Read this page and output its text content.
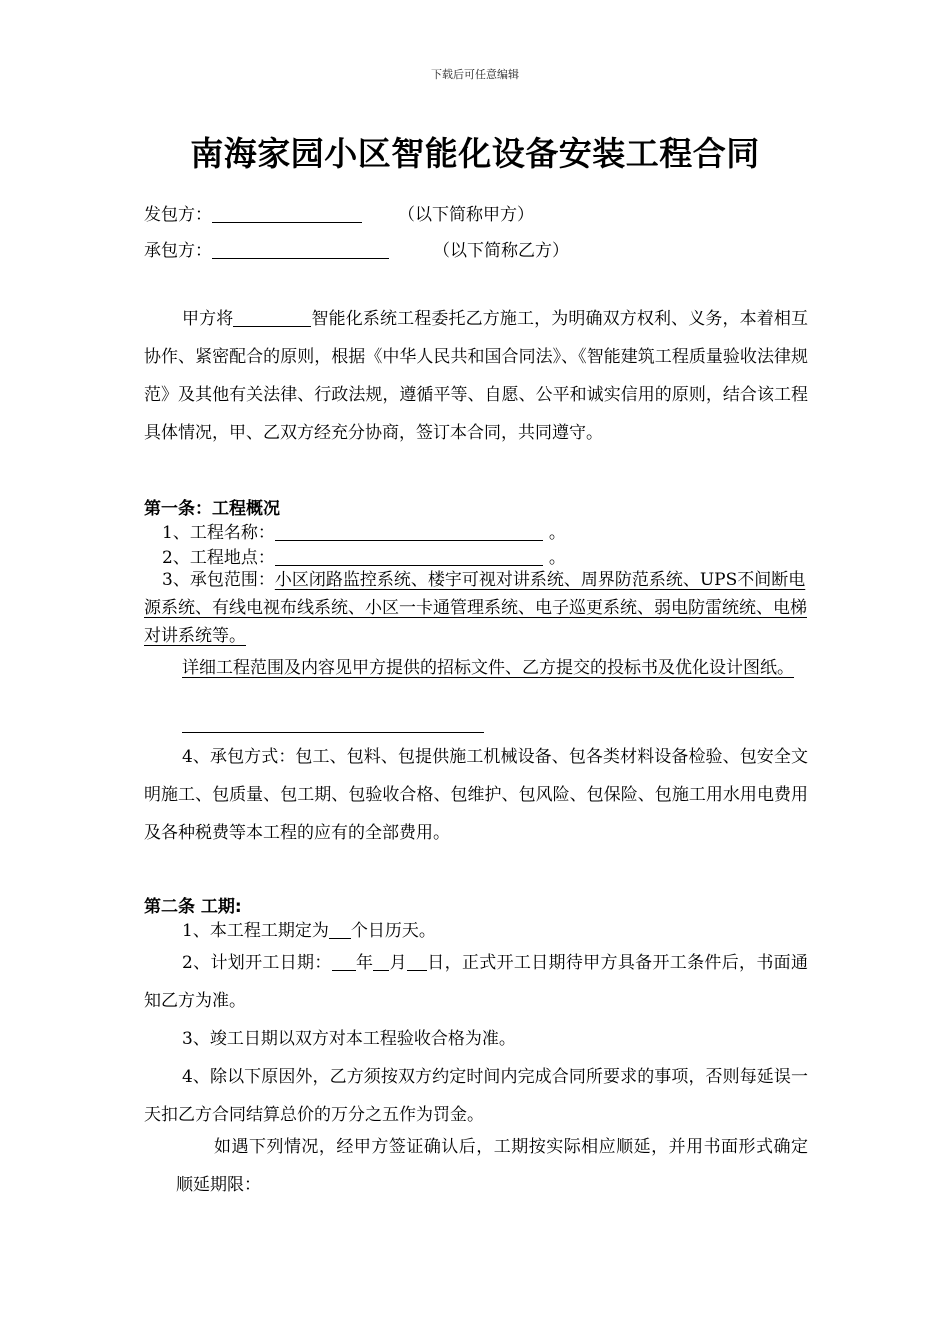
下载后可任意编辑
南海家园小区智能化设备安装工程合同
发包方：	（以下简称甲方）
承包方：	（以下简称乙方）
甲方将	智能化系统工程委托乙方施工，为明确双方权利、义务，本着相互协作、紧密配合的原则，根据《中华人民共和国合同法》、《智能建筑工程质量验收法律规范》及其他有关法律、行政法规，遵循平等、自愿、公平和诚实信用的原则，结合该工程具体情况，甲、乙双方经充分协商，签订本合同，共同遵守。
第一条：工程概况
1、工程名称：	。
2、工程地点：	。
3、承包范围：小区闭路监控系统、楼宇可视对讲系统、周界防范系统、UPS不间断电源系统、有线电视布线系统、小区一卡通管理系统、电子巡更系统、弱电防雷统统、电梯对讲系统等。
详细工程范围及内容见甲方提供的招标文件、乙方提交的投标书及优化设计图纸。
4、承包方式：包工、包料、包提供施工机械设备、包各类材料设备检验、包安全文明施工、包质量、包工期、包验收合格、包维护、包风险、包保险、包施工用水用电费用及各种税费等本工程的应有的全部费用。
第二条 工期:
1、本工程工期定为 个日历天。
2、计划开工日期： 年 月 日，正式开工日期待甲方具备开工条件后，书面通知乙方为准。
3、竣工日期以双方对本工程验收合格为准。
4、除以下原因外，乙方须按双方约定时间内完成合同所要求的事项，否则每延误一天扣乙方合同结算总价的万分之五作为罚金。
如遇下列情况，经甲方签证确认后，工期按实际相应顺延，并用书面形式确定顺延期限：
